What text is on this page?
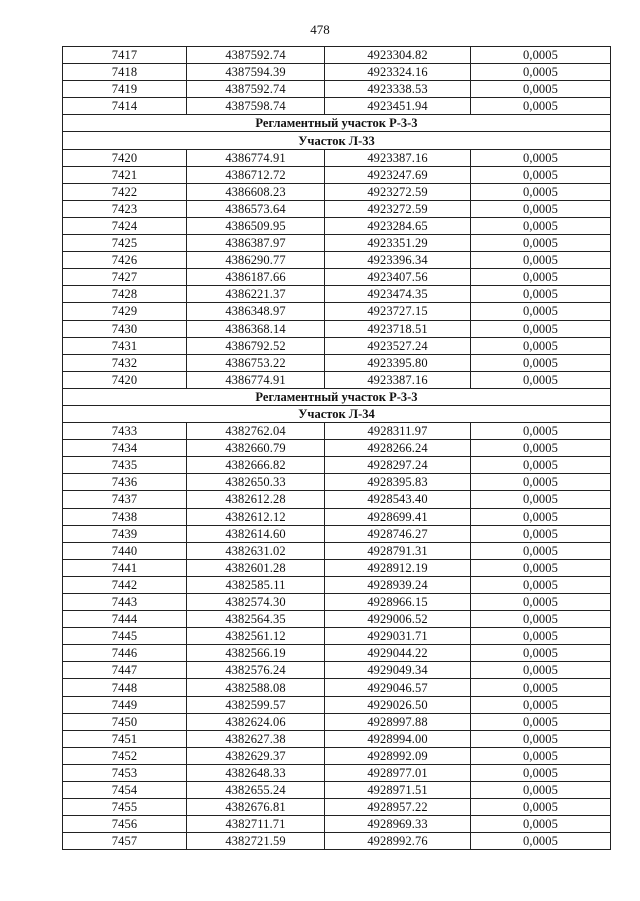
478
7417	4387592.74	4923304.82	0,0005
7418	4387594.39	4923324.16	0,0005
7419	4387592.74	4923338.53	0,0005
7414	4387598.74	4923451.94	0,0005
Регламентный участок Р-3-3			
Участок Л-33			
7420	4386774.91	4923387.16	0,0005
7421	4386712.72	4923247.69	0,0005
7422	4386608.23	4923272.59	0,0005
7423	4386573.64	4923272.59	0,0005
7424	4386509.95	4923284.65	0,0005
7425	4386387.97	4923351.29	0,0005
7426	4386290.77	4923396.34	0,0005
7427	4386187.66	4923407.56	0,0005
7428	4386221.37	4923474.35	0,0005
7429	4386348.97	4923727.15	0,0005
7430	4386368.14	4923718.51	0,0005
7431	4386792.52	4923527.24	0,0005
7432	4386753.22	4923395.80	0,0005
7420	4386774.91	4923387.16	0,0005
Регламентный участок Р-3-3			
Участок Л-34			
7433	4382762.04	4928311.97	0,0005
7434	4382660.79	4928266.24	0,0005
7435	4382666.82	4928297.24	0,0005
7436	4382650.33	4928395.83	0,0005
7437	4382612.28	4928543.40	0,0005
7438	4382612.12	4928699.41	0,0005
7439	4382614.60	4928746.27	0,0005
7440	4382631.02	4928791.31	0,0005
7441	4382601.28	4928912.19	0,0005
7442	4382585.11	4928939.24	0,0005
7443	4382574.30	4928966.15	0,0005
7444	4382564.35	4929006.52	0,0005
7445	4382561.12	4929031.71	0,0005
7446	4382566.19	4929044.22	0,0005
7447	4382576.24	4929049.34	0,0005
7448	4382588.08	4929046.57	0,0005
7449	4382599.57	4929026.50	0,0005
7450	4382624.06	4928997.88	0,0005
7451	4382627.38	4928994.00	0,0005
7452	4382629.37	4928992.09	0,0005
7453	4382648.33	4928977.01	0,0005
7454	4382655.24	4928971.51	0,0005
7455	4382676.81	4928957.22	0,0005
7456	4382711.71	4928969.33	0,0005
7457	4382721.59	4928992.76	0,0005
